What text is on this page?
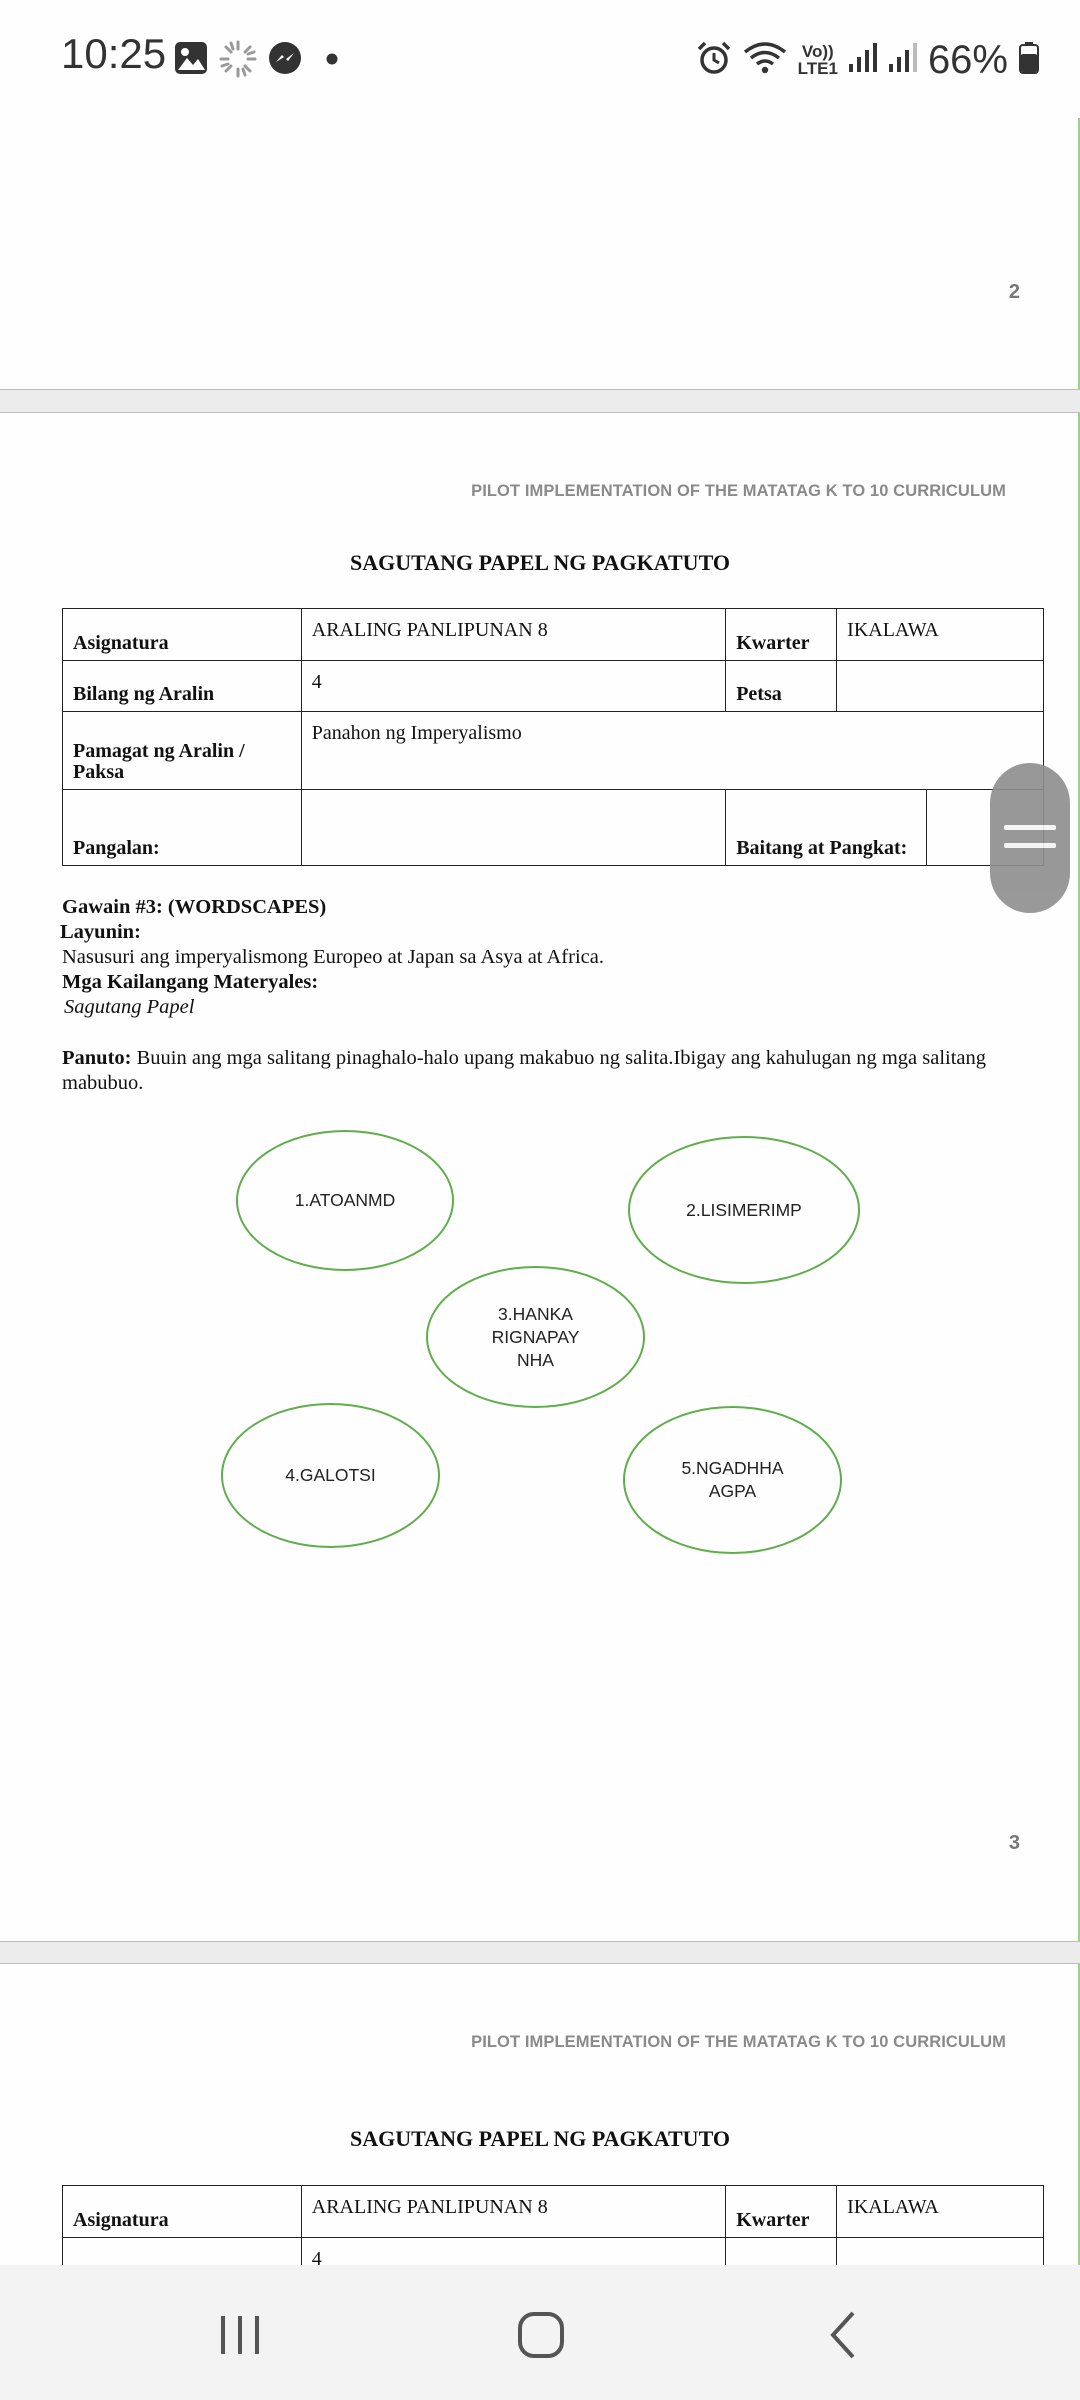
2
PILOT IMPLEMENTATION OF THE MATATAG K TO 10 CURRICULUM
SAGUTANG PAPEL NG PAGKATUTO
Asignatura	ARALING PANLIPUNAN 8	Kwarter	IKALAWA	
Bilang ng Aralin	4	Petsa		
Pamagat ng Aralin / Paksa	Panahon ng Imperyalismo			
Pangalan:		Baitang at Pangkat:		
Gawain #3: (WORDSCAPES)
Layunin:
Nasusuri ang imperyalismong Europeo at Japan sa Asya at Africa.
Mga Kailangang Materyales:
Sagutang Papel
Panuto: Buuin ang mga salitang pinaghalo-halo upang makabuo ng salita.Ibigay ang kahulugan ng mga salitang mabubuo.
1.ATOANMD	2.LISIMERIMP
3.HANKA
RIGNAPAY
NHA
4.GALOTSI	5.NGADHHA
AGPA
3
PILOT IMPLEMENTATION OF THE MATATAG K TO 10 CURRICULUM
SAGUTANG PAPEL NG PAGKATUTO
Asignatura	ARALING PANLIPUNAN 8	Kwarter	IKALAWA
	4		
10:25	Vo))
LTE1 66%
